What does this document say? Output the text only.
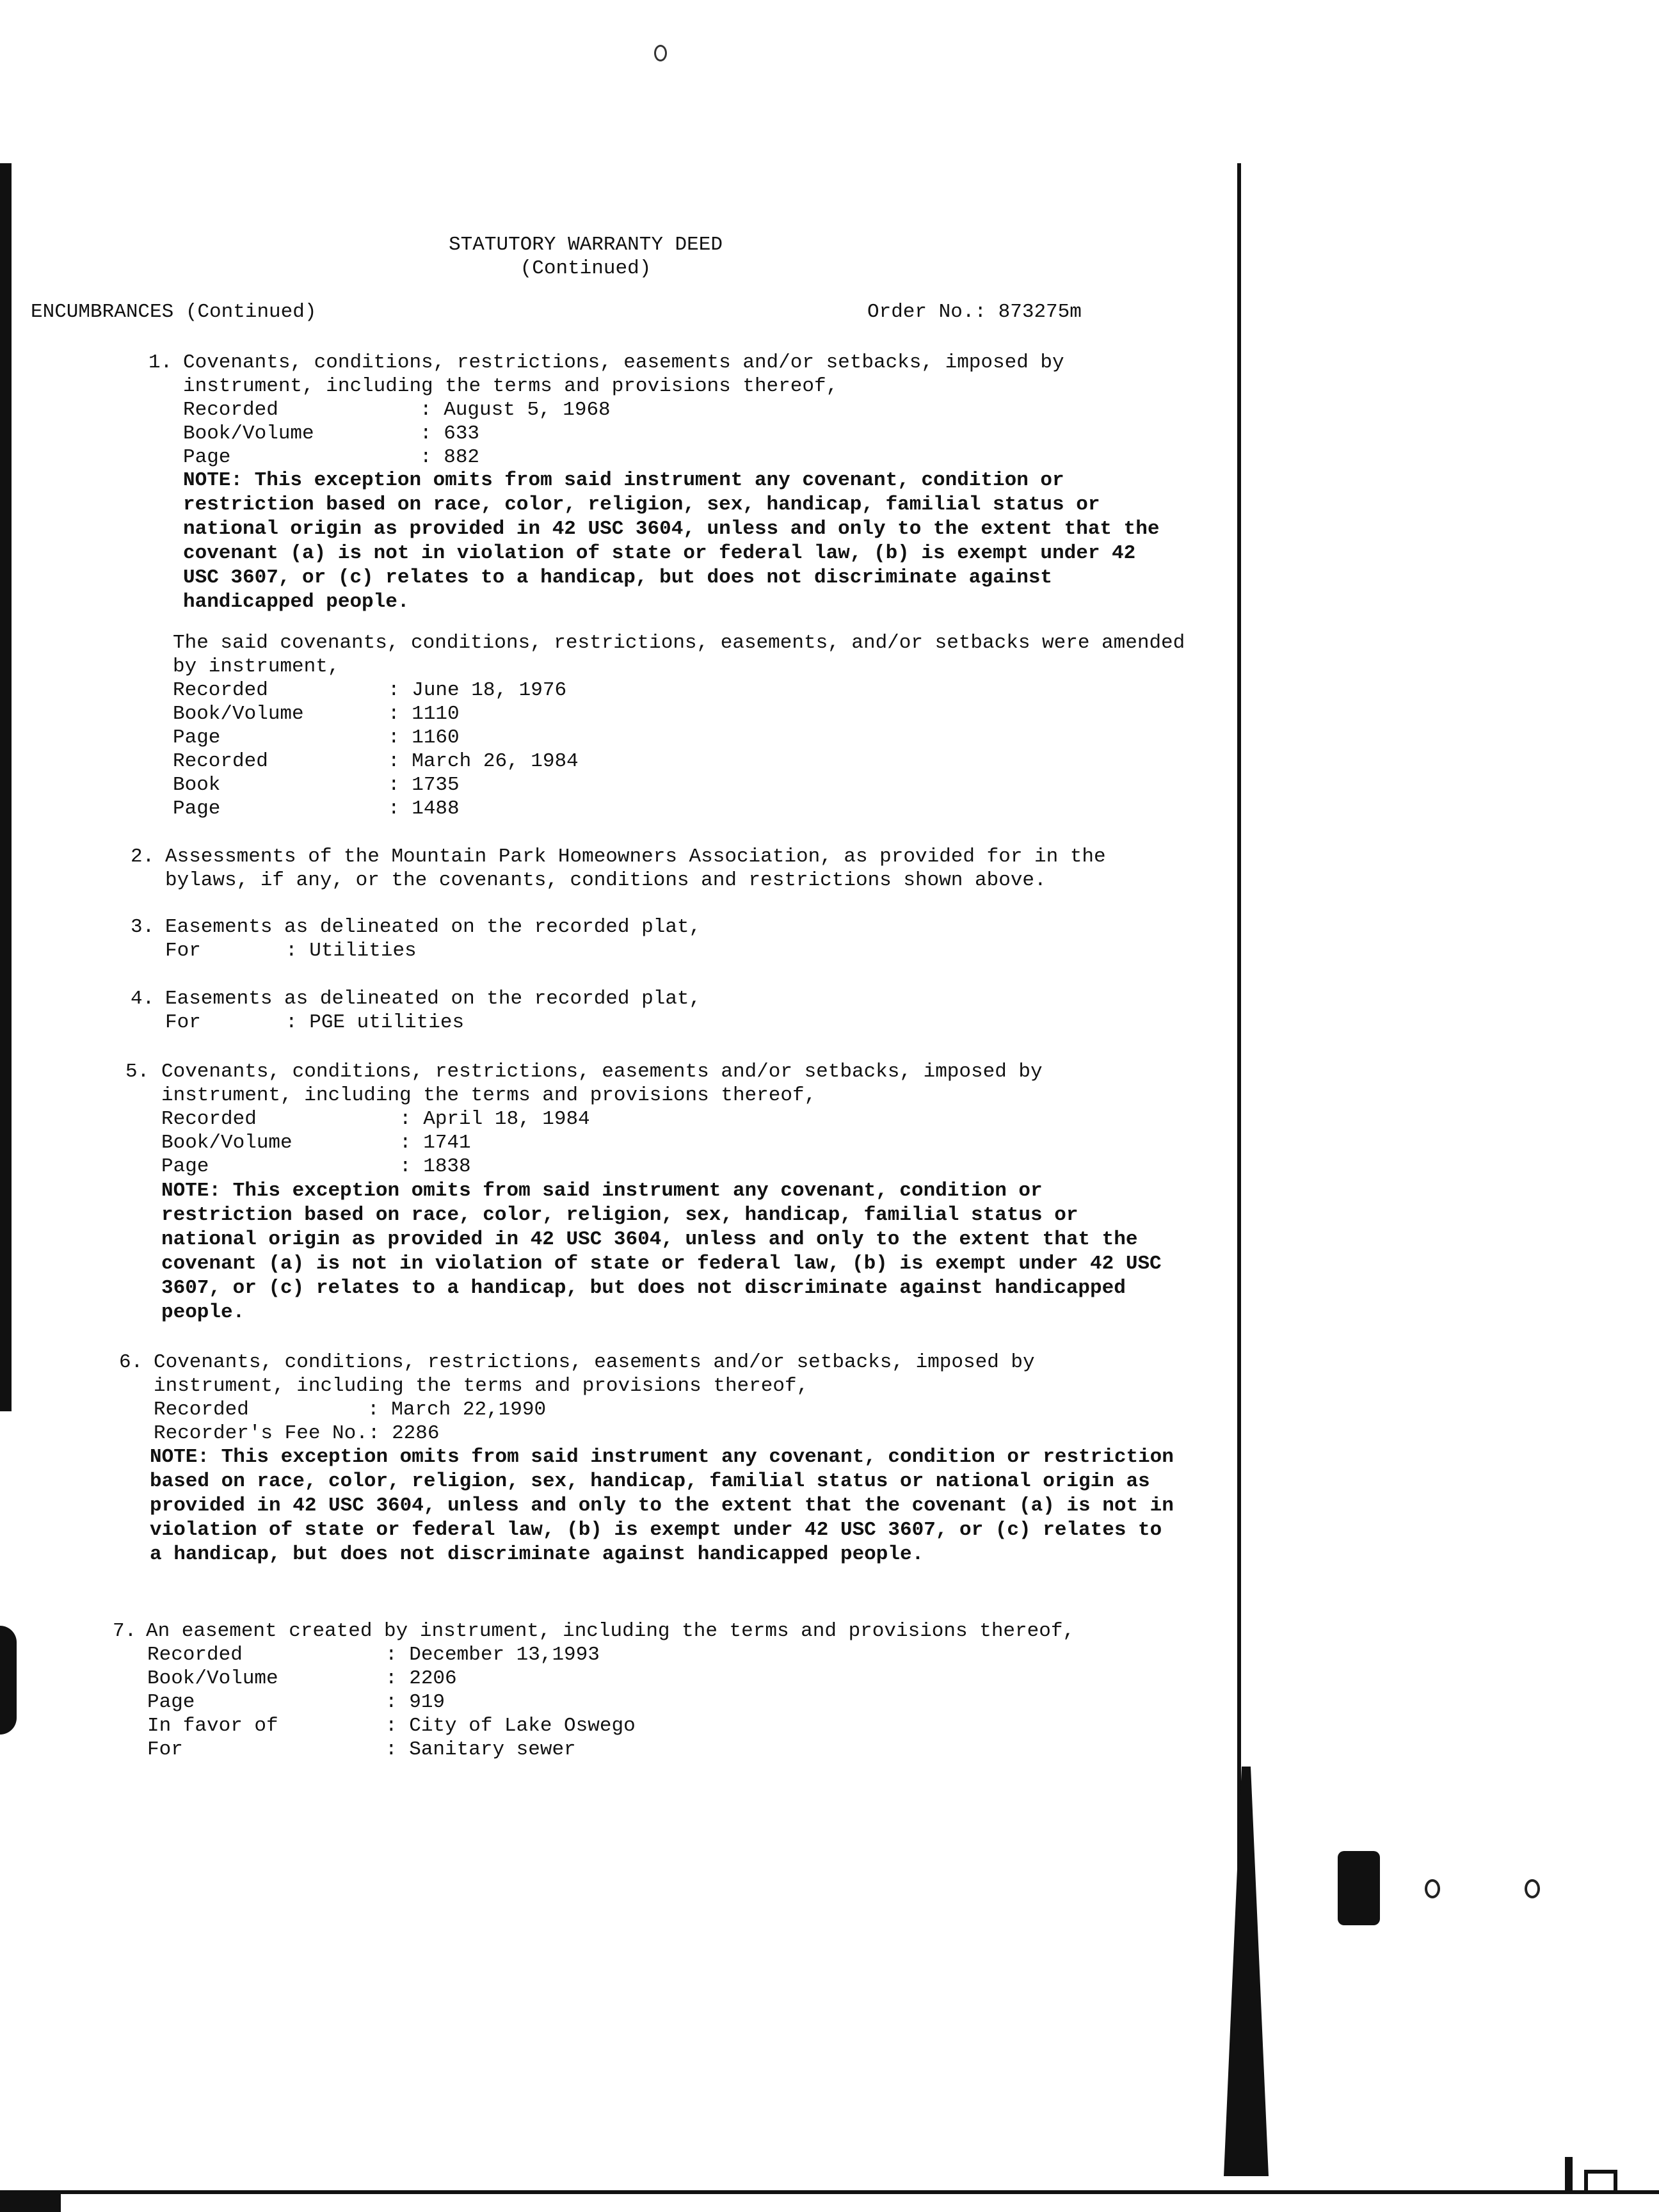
STATUTORY WARRANTY DEED
(Continued)
ENCUMBRANCES (Continued)	Order No.: 873275m
1. Covenants, conditions, restrictions, easements and/or setbacks, imposed by instrument, including the terms and provisions thereof,
Recorded	: August 5, 1968
Book/Volume	: 633
Page	: 882
NOTE: This exception omits from said instrument any covenant, condition or restriction based on race, color, religion, sex, handicap, familial status or national origin as provided in 42 USC 3604, unless and only to the extent that the covenant (a) is not in violation of state or federal law, (b) is exempt under 42 USC 3607, or (c) relates to a handicap, but does not discriminate against handicapped people.
The said covenants, conditions, restrictions, easements, and/or setbacks were amended by instrument,
Recorded	: June 18, 1976
Book/Volume	: 1110
Page	: 1160
Recorded	: March 26, 1984
Book	: 1735
Page	: 1488
2. Assessments of the Mountain Park Homeowners Association, as provided for in the bylaws, if any, or the covenants, conditions and restrictions shown above.
3. Easements as delineated on the recorded plat,
For	: Utilities
4. Easements as delineated on the recorded plat,
For	: PGE utilities
5. Covenants, conditions, restrictions, easements and/or setbacks, imposed by instrument, including the terms and provisions thereof,
Recorded	: April 18, 1984
Book/Volume	: 1741
Page	: 1838
NOTE: This exception omits from said instrument any covenant, condition or restriction based on race, color, religion, sex, handicap, familial status or national origin as provided in 42 USC 3604, unless and only to the extent that the covenant (a) is not in violation of state or federal law, (b) is exempt under 42 USC 3607, or (c) relates to a handicap, but does not discriminate against handicapped people.
6. Covenants, conditions, restrictions, easements and/or setbacks, imposed by instrument, including the terms and provisions thereof,
Recorded	: March 22,1990
Recorder's Fee No.:
2286
NOTE: This exception omits from said instrument any covenant, condition or restriction based on race, color, religion, sex, handicap, familial status or national origin as provided in 42 USC 3604, unless and only to the extent that the covenant (a) is not in violation of state or federal law, (b) is exempt under 42 USC 3607, or (c) relates to a handicap, but does not discriminate against handicapped people.
7. An easement created by instrument, including the terms and provisions thereof,
Recorded	: December 13,1993
Book/Volume	: 2206
Page	: 919
In favor of	: City of Lake Oswego
For	: Sanitary sewer
